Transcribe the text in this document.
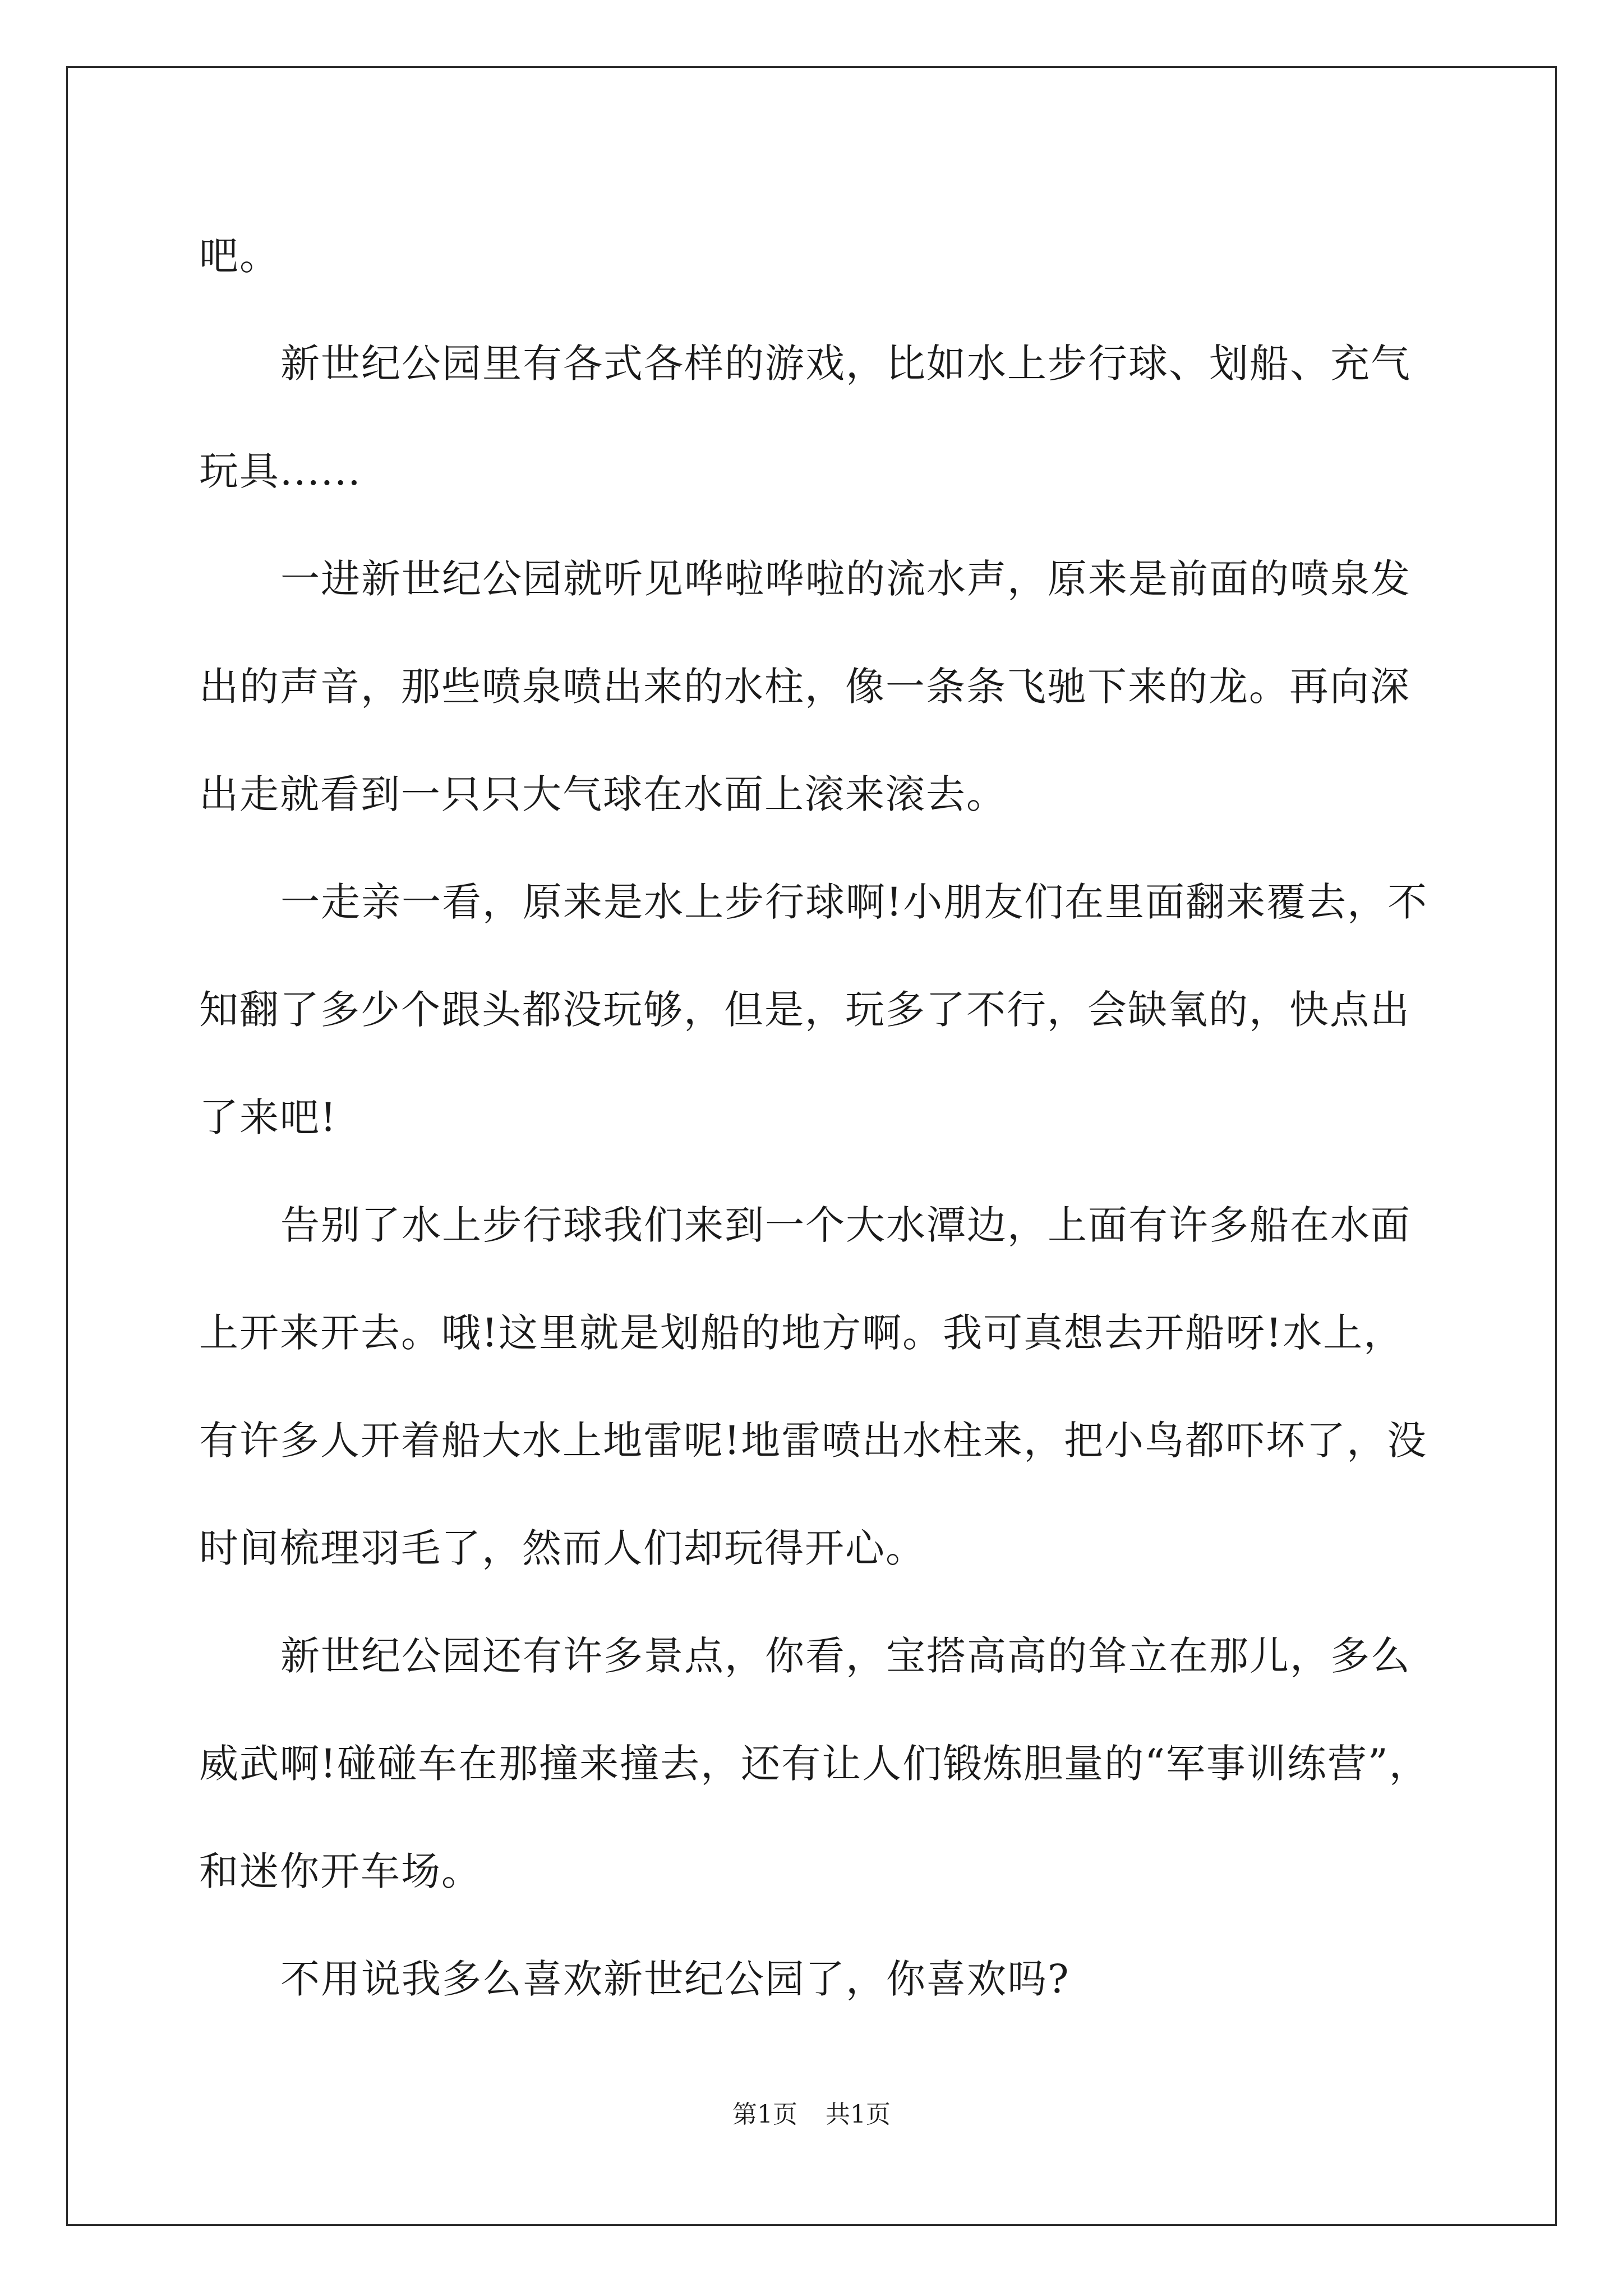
吧。
新世纪公园里有各式各样的游戏，比如水上步行球、划船、充气
玩具......
一进新世纪公园就听见哗啦哗啦的流水声，原来是前面的喷泉发
出的声音，那些喷泉喷出来的水柱，像一条条飞驰下来的龙。再向深
出走就看到一只只大气球在水面上滚来滚去。
一走亲一看，原来是水上步行球啊!小朋友们在里面翻来覆去，不
知翻了多少个跟头都没玩够，但是，玩多了不行，会缺氧的，快点出
了来吧!
告别了水上步行球我们来到一个大水潭边，上面有许多船在水面
上开来开去。哦!这里就是划船的地方啊。我可真想去开船呀!水上，
有许多人开着船大水上地雷呢!地雷喷出水柱来，把小鸟都吓坏了，没
时间梳理羽毛了，然而人们却玩得开心。
新世纪公园还有许多景点，你看，宝搭高高的耸立在那儿，多么
威武啊!碰碰车在那撞来撞去，还有让人们锻炼胆量的“军事训练营”，
和迷你开车场。
不用说我多么喜欢新世纪公园了，你喜欢吗?
第1页 共1页
